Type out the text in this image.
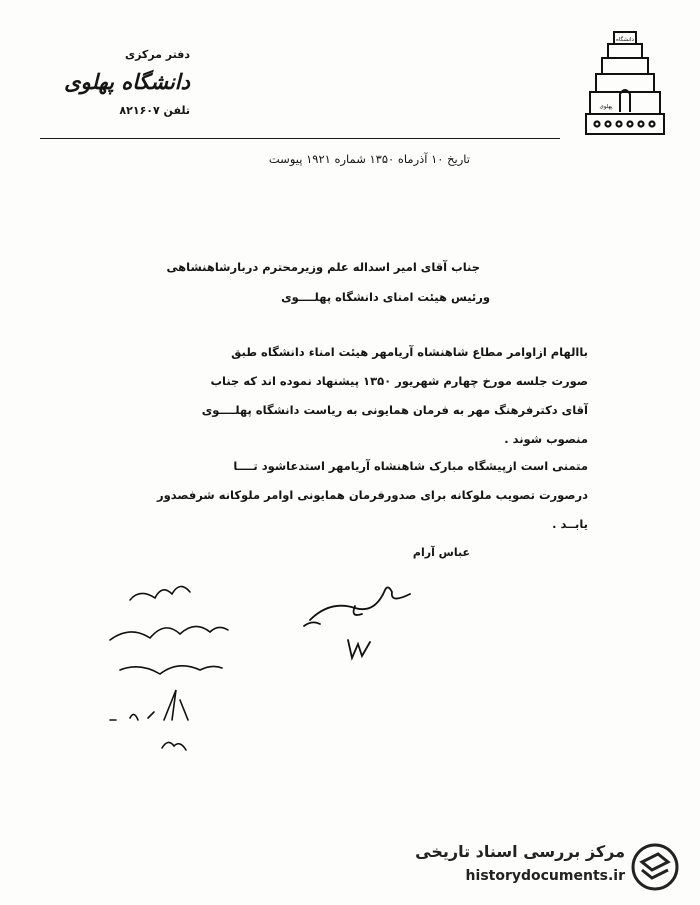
دفتر مرکزی
دانشگاه پهلوی
تلفن ۸۲۱۶۰۷
دانشگاه
پهلوی
تاریخ ۱۰ آذرماه ۱۳۵۰ شماره ۱۹۲۱ پیوست
جناب آقای امیر اسداله علم وزیرمحترم دربارشاهنشاهی
ورئیس هیئت امنای دانشگاه پهلــــوی
باالهام ازاوامر مطاع شاهنشاه آریامهر هیئت امناء دانشگاه طبق
صورت جلسه مورخ چهارم شهریور ۱۳۵۰ پیشنهاد نموده اند که جناب
آقای دکترفرهنگ مهر به فرمان همایونی به ریاست دانشگاه پهلــــوی
منصوب شوند .
متمنی است ازپیشگاه مبارک شاهنشاه آریامهر استدعاشود تــــا
درصورت تصویب ملوکانه برای صدورفرمان همایونی اوامر ملوکانه شرفصدور
یابــد .
عباس آرام
مرکز بررسی اسناد تاریخی
historydocuments.ir
